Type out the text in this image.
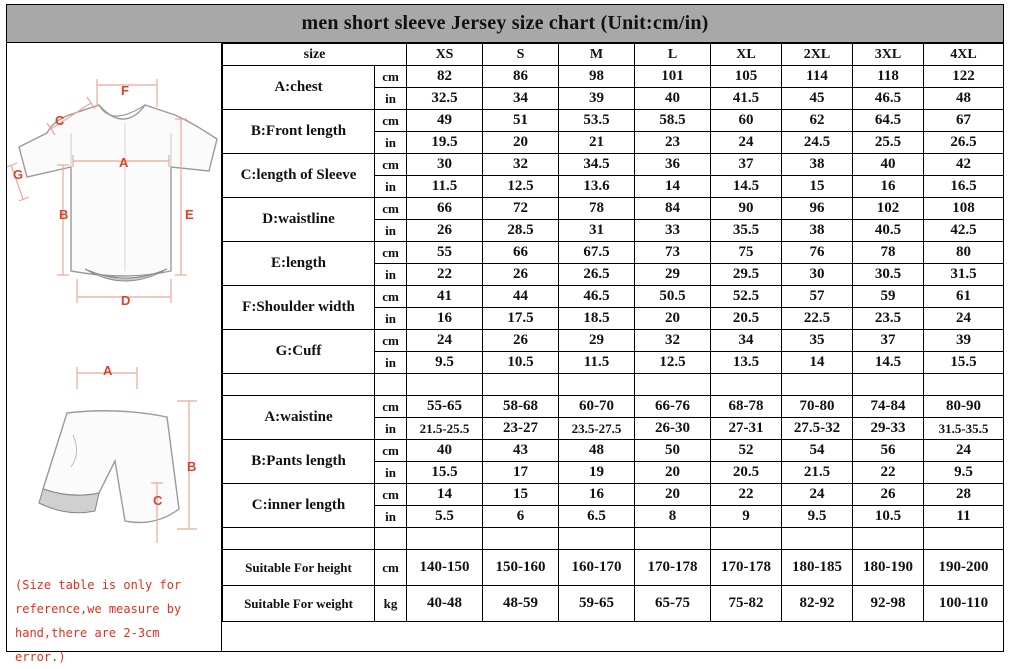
men short sleeve Jersey size chart (Unit:cm/in)
F
C
G
A
B	E
D
A
B
C
(Size table is only for
reference,we measure by
hand,there are 2-3cm error.)
size		XS	S	M	L	XL	2XL	3XL	4XL
A:chest	cm	82	86	98	101	105	114	118	122
	in	32.5	34	39	40	41.5	45	46.5	48
B:Front length	cm	49	51	53.5	58.5	60	62	64.5	67
	in	19.5	20	21	23	24	24.5	25.5	26.5
C:length of Sleeve	cm	30	32	34.5	36	37	38	40	42
	in	11.5	12.5	13.6	14	14.5	15	16	16.5
D:waistline	cm	66	72	78	84	90	96	102	108
	in	26	28.5	31	33	35.5	38	40.5	42.5
E:length	cm	55	66	67.5	73	75	76	78	80
	in	22	26	26.5	29	29.5	30	30.5	31.5
F:Shoulder width	cm	41	44	46.5	50.5	52.5	57	59	61
	in	16	17.5	18.5	20	20.5	22.5	23.5	24
G:Cuff	cm	24	26	29	32	34	35	37	39
	in	9.5	10.5	11.5	12.5	13.5	14	14.5	15.5

A:waistine	cm	55-65	58-68	60-70	66-76	68-78	70-80	74-84	80-90
	in	21.5-25.5	23-27	23.5-27.5	26-30	27-31	27.5-32	29-33	31.5-35.5
B:Pants length	cm	40	43	48	50	52	54	56	24
	in	15.5	17	19	20	20.5	21.5	22	9.5
C:inner length	cm	14	15	16	20	22	24	26	28
	in	5.5	6	6.5	8	9	9.5	10.5	11

Suitable For height	cm	140-150	150-160	160-170	170-178	170-178	180-185	180-190	190-200
Suitable For weight	kg	40-48	48-59	59-65	65-75	75-82	82-92	92-98	100-110
